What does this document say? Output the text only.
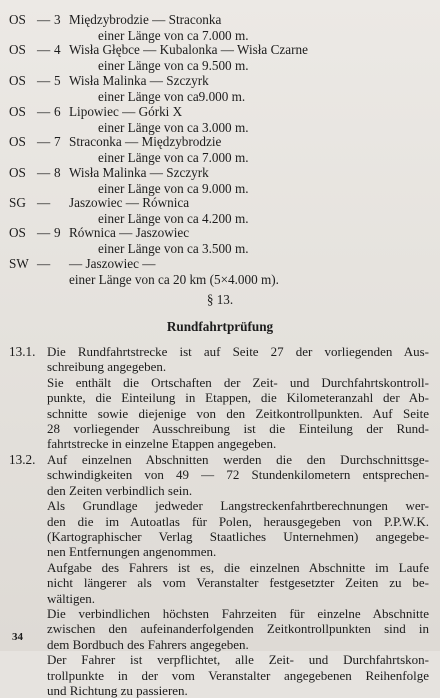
OS — 3 Międzybrodzie — Straconka
einer Länge von ca 7.000 m.
OS — 4 Wisła Głębce — Kubalonka — Wisła Czarne
einer Länge von ca 9.500 m.
OS — 5 Wisła Malinka — Szczyrk
einer Länge von ca9.000 m.
OS — 6 Lipowiec — Górki X
einer Länge von ca 3.000 m.
OS — 7 Straconka — Międzybrodzie
einer Länge von ca 7.000 m.
OS — 8 Wisła Malinka — Szczyrk
einer Länge von ca 9.000 m.
SG — Jaszowiec — Równica
einer Länge von ca 4.200 m.
OS — 9 Równica — Jaszowiec
einer Länge von ca 3.500 m.
SW — — Jaszowiec —
einer Länge von ca 20 km (5×4.000 m).
§ 13.
Rundfahrtprüfung
13.1. Die Rundfahrtstrecke ist auf Seite 27 der vorliegenden Aus-
schreibung angegeben.
Sie enthält die Ortschaften der Zeit- und Durchfahrtskontroll-
punkte, die Einteilung in Etappen, die Kilometeranzahl der Ab-
schnitte sowie diejenige von den Zeitkontrollpunkten. Auf Seite
28 vorliegender Ausschreibung ist die Einteilung der Rund-
fahrtstrecke in einzelne Etappen angegeben.
13.2. Auf einzelnen Abschnitten werden die den Durchschnittsge-
schwindigkeiten von 49 — 72 Stundenkilometern entsprechen-
den Zeiten verbindlich sein.
Als Grundlage jedweder Langstreckenfahrtberechnungen wer-
den die im Autoatlas für Polen, herausgegeben von P.P.W.K.
(Kartographischer Verlag Staatliches Unternehmen) angegebe-
nen Entfernungen angenommen.
Aufgabe des Fahrers ist es, die einzelnen Abschnitte im Laufe
nicht längerer als vom Veranstalter festgesetzter Zeiten zu be-
wältigen.
Die verbindlichen höchsten Fahrzeiten für einzelne Abschnitte
zwischen den aufeinanderfolgenden Zeitkontrollpunkten sind in
dem Bordbuch des Fahrers angegeben.
Der Fahrer ist verpflichtet, alle Zeit- und Durchfahrtskon-
trollpunkte in der vom Veranstalter angegebenen Reihenfolge
und Richtung zu passieren.
34
